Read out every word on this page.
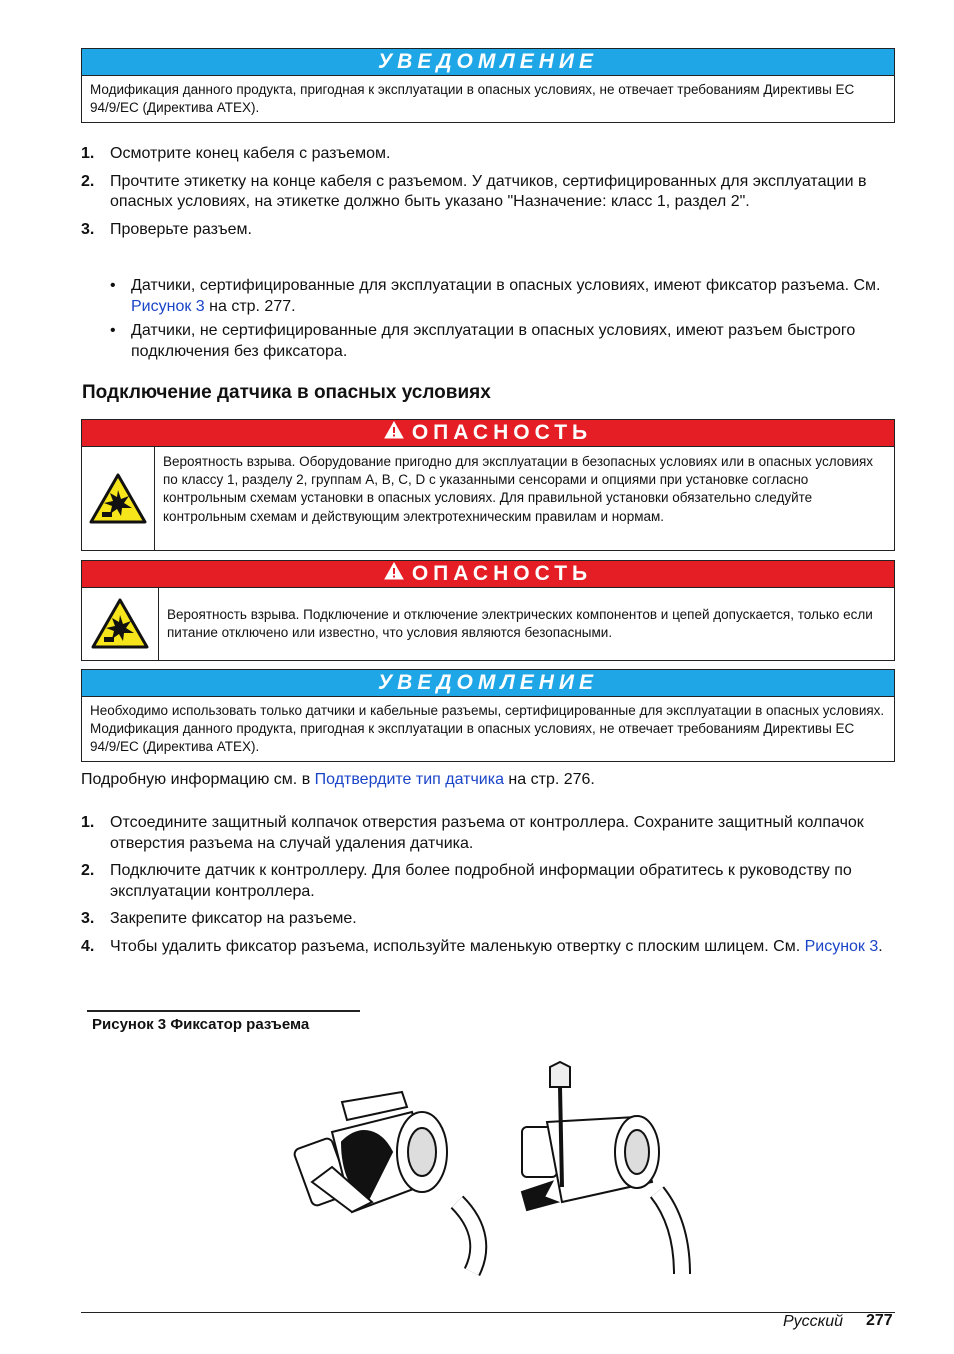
УВЕДОМЛЕНИЕ
Модификация данного продукта, пригодная к эксплуатации в опасных условиях, не отвечает требованиям Директивы ЕС 94/9/EC (Директива ATEX).
1. Осмотрите конец кабеля с разъемом.
2. Прочтите этикетку на конце кабеля с разъемом. У датчиков, сертифицированных для эксплуатации в опасных условиях, на этикетке должно быть указано "Назначение: класс 1, раздел 2".
3. Проверьте разъем.
• Датчики, сертифицированные для эксплуатации в опасных условиях, имеют фиксатор разъема. См. Рисунок 3 на стр. 277.
• Датчики, не сертифицированные для эксплуатации в опасных условиях, имеют разъем быстрого подключения без фиксатора.
Подключение датчика в опасных условиях
ОПАСНОСТЬ
Вероятность взрыва. Оборудование пригодно для эксплуатации в безопасных условиях или в опасных условиях по классу 1, разделу 2, группам A, B, C, D с указанными сенсорами и опциями при установке согласно контрольным схемам установки в опасных условиях. Для правильной установки обязательно следуйте контрольным схемам и действующим электротехническим правилам и нормам.
ОПАСНОСТЬ
Вероятность взрыва. Подключение и отключение электрических компонентов и цепей допускается, только если питание отключено или известно, что условия являются безопасными.
УВЕДОМЛЕНИЕ
Необходимо использовать только датчики и кабельные разъемы, сертифицированные для эксплуатации в опасных условиях. Модификация данного продукта, пригодная к эксплуатации в опасных условиях, не отвечает требованиям Директивы ЕС 94/9/EC (Директива ATEX).
Подробную информацию см. в Подтвердите тип датчика на стр. 276.
1. Отсоедините защитный колпачок отверстия разъема от контроллера. Сохраните защитный колпачок отверстия разъема на случай удаления датчика.
2. Подключите датчик к контроллеру. Для более подробной информации обратитесь к руководству по эксплуатации контроллера.
3. Закрепите фиксатор на разъеме.
4. Чтобы удалить фиксатор разъема, используйте маленькую отвертку с плоским шлицем. См. Рисунок 3.
Рисунок 3 Фиксатор разъема
Русский 277
